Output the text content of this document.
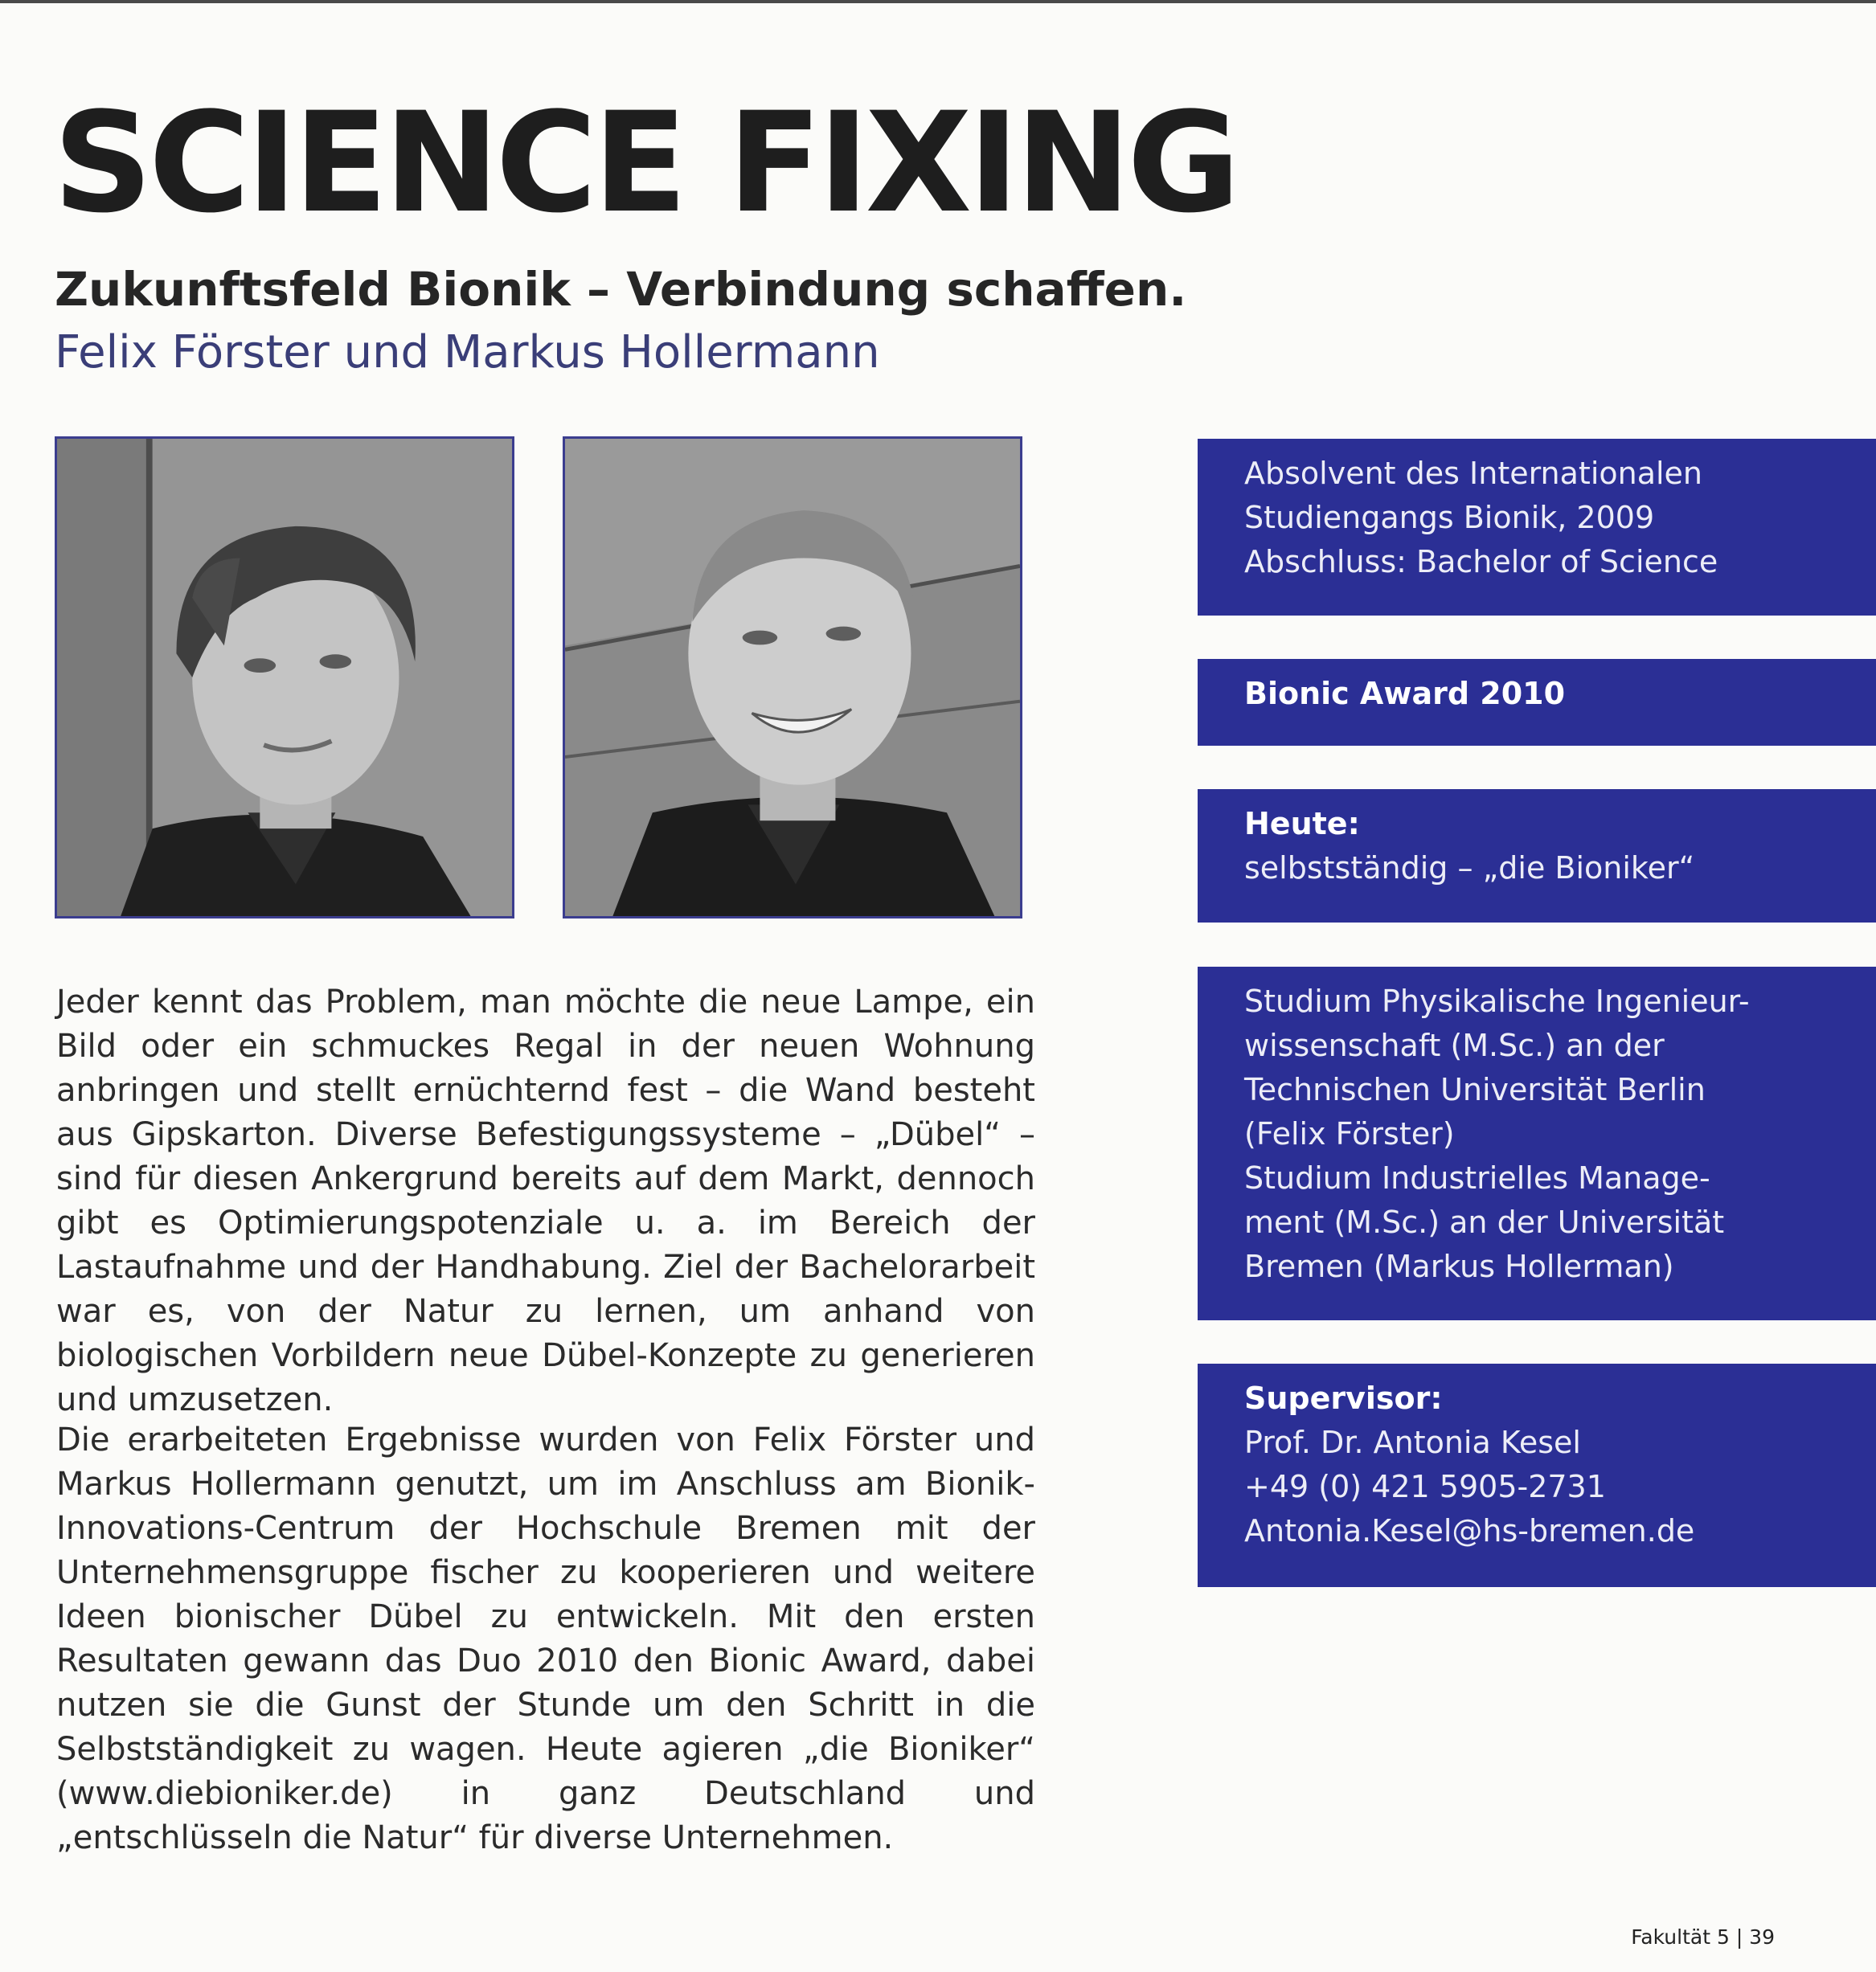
SCIENCE FIXING
Zukunftsfeld Bionik – Verbindung schaffen.
Felix Förster und Markus Hollermann

Jeder kennt das Problem, man möchte die neue Lampe, ein Bild oder ein schmuckes Regal in der neuen Wohnung anbringen und stellt ernüchternd fest – die Wand besteht aus Gipskarton. Diverse Befestigungssysteme – „Dübel“ – sind für diesen Ankergrund bereits auf dem Markt, dennoch gibt es Optimierungspotenziale u. a. im Bereich der Lastaufnahme und der Handhabung. Ziel der Bachelorarbeit war es, von der Natur zu lernen, um anhand von biologischen Vorbildern neue Dübel-Konzepte zu generieren und umzusetzen.

Die erarbeiteten Ergebnisse wurden von Felix Förster und Markus Hollermann genutzt, um im Anschluss am Bionik-Innovations-Centrum der Hochschule Bremen mit der Unternehmensgruppe fischer zu kooperieren und weitere Ideen bionischer Dübel zu entwickeln. Mit den ersten Resultaten gewann das Duo 2010 den Bionic Award, dabei nutzen sie die Gunst der Stunde um den Schritt in die Selbstständigkeit zu wagen. Heute agieren „die Bioniker“ (www.diebioniker.de) in ganz Deutschland und „entschlüsseln die Natur“ für diverse Unternehmen.

Absolvent des Internationalen
Studiengangs Bionik, 2009
Abschluss: Bachelor of Science
Bionic Award 2010
Heute:
selbstständig – „die Bioniker“
Studium Physikalische Ingenieur-
wissenschaft (M.Sc.) an der
Technischen Universität Berlin
(Felix Förster)
Studium Industrielles Manage-
ment (M.Sc.) an der Universität
Bremen (Markus Hollerman)
Supervisor:
Prof. Dr. Antonia Kesel
+49 (0) 421 5905-2731
Antonia.Kesel@hs-bremen.de
Fakultät 5 | 39
